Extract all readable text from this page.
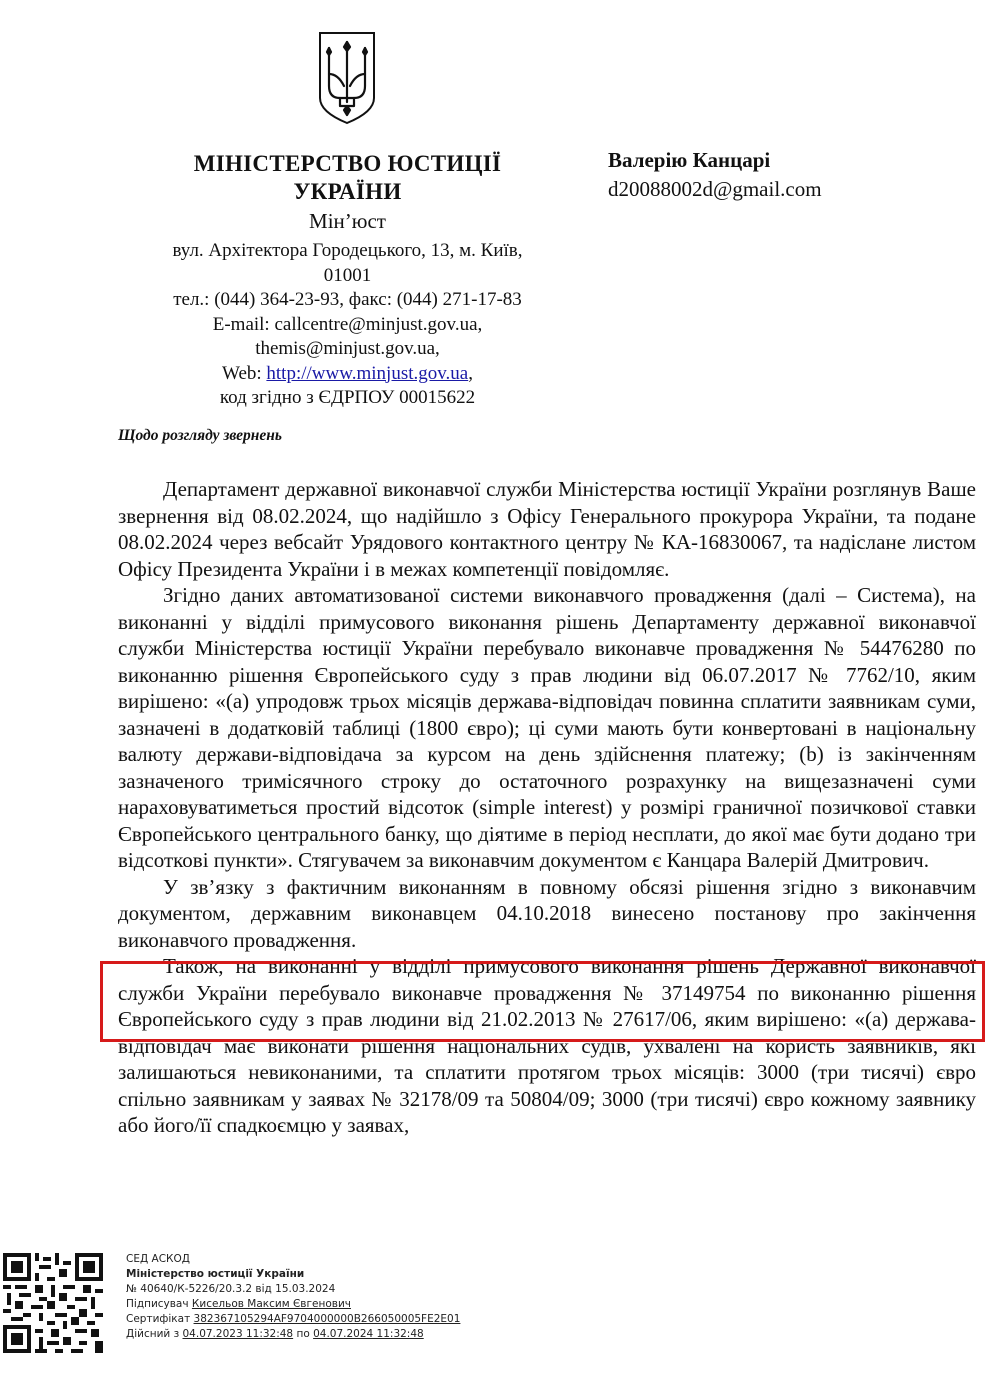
МІНІСТЕРСТВО ЮСТИЦІЇ УКРАЇНИ
Мін’юст
вул. Архітектора Городецького, 13, м. Київ, 01001
тел.: (044) 364-23-93, факс: (044) 271-17-83
E-mail: callcentre@minjust.gov.ua,
themis@minjust.gov.ua,
Web: http://www.minjust.gov.ua,
код згідно з ЄДРПОУ 00015622
Валерію Канцарі
d20088002d@gmail.com
Щодо розгляду звернень

Департамент державної виконавчої служби Міністерства юстиції України розглянув Ваше звернення від 08.02.2024, що надійшло з Офісу Генерального прокурора України, та подане 08.02.2024 через вебсайт Урядового контактного центру № КА-16830067, та надіслане листом Офісу Президента України і в межах компетенції повідомляє.

Згідно даних автоматизованої системи виконавчого провадження (далі – Система), на виконанні у відділі примусового виконання рішень Департаменту державної виконавчої служби Міністерства юстиції України перебувало виконавче провадження № 54476280 по виконанню рішення Європейського суду з прав людини від 06.07.2017 № 7762/10, яким вирішено: «(а) упродовж трьох місяців держава-відповідач повинна сплатити заявникам суми, зазначені в додатковій таблиці (1800 євро); ці суми мають бути конвертовані в національну валюту держави-відповідача за курсом на день здійснення платежу; (b) із закінченням зазначеного тримісячного строку до остаточного розрахунку на вищезазначені суми нараховуватиметься простий відсоток (simple interest) у розмірі граничної позичкової ставки Європейського центрального банку, що діятиме в період несплати, до якої має бути додано три відсоткові пункти». Стягувачем за виконавчим документом є Канцара Валерій Дмитрович.

У зв’язку з фактичним виконанням в повному обсязі рішення згідно з виконавчим документом, державним виконавцем 04.10.2018 винесено постанову про закінчення виконавчого провадження.

Також, на виконанні у відділі примусового виконання рішень Державної виконавчої служби України перебувало виконавче провадження № 37149754 по виконанню рішення Європейського суду з прав людини від 21.02.2013 № 27617/06, яким вирішено: «(а) держава-відповідач має виконати рішення національних судів, ухвалені на користь заявників, які залишаються невиконаними, та сплатити протягом трьох місяців: 3000 (три тисячі) євро спільно заявникам у заявах № 32178/09 та 50804/09; 3000 (три тисячі) євро кожному заявнику або його/її спадкоємцю у заявах,

СЕД АСКОД
Міністерство юстиції України
№ 40640/К-5226/20.3.2 від 15.03.2024
Підписувач Кисельов Максим Євгенович
Сертифікат 382367105294AF9704000000B266050005FE2E01
Дійсний з 04.07.2023 11:32:48 по 04.07.2024 11:32:48
